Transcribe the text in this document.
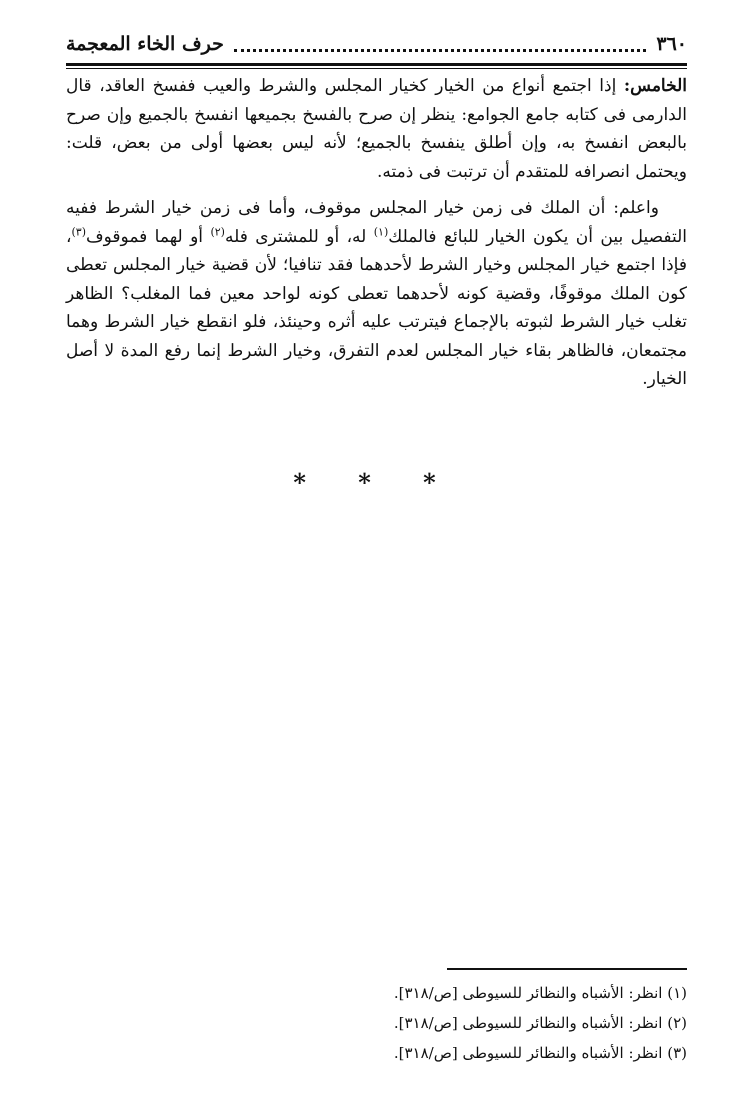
٣٦٠
حرف الخاء المعجمة

الخامس: إذا اجتمع أنواع من الخيار كخيار المجلس والشرط والعيب ففسخ العاقد، قال الدارمى فى كتابه جامع الجوامع: ينظر إن صرح بالفسخ بجميعها انفسخ بالجميع وإن صرح بالبعض انفسخ به، وإن أطلق ينفسخ بالجميع؛ لأنه ليس بعضها أولى من بعض، قلت: ويحتمل انصرافه للمتقدم أن ترتبت فى ذمته.

واعلم: أن الملك فى زمن خيار المجلس موقوف، وأما فى زمن خيار الشرط ففيه التفصيل بين أن يكون الخيار للبائع فالملك$^{(١)}$ له، أو للمشترى فله$^{(٢)}$ أو لهما فموقوف$^{(٣)}$، فإذا اجتمع خيار المجلس وخيار الشرط لأحدهما فقد تنافيا؛ لأن قضية خيار المجلس تعطى كون الملك موقوفًا، وقضية كونه لأحدهما تعطى كونه لواحد معين فما المغلب؟ الظاهر تغلب خيار الشرط لثبوته بالإجماع فيترتب عليه أثره وحينئذ، فلو انقطع خيار الشرط وهما مجتمعان، فالظاهر بقاء خيار المجلس لعدم التفرق، وخيار الشرط إنما رفع المدة لا أصل الخيار.

* * *
(١) انظر: الأشباه والنظائر للسيوطى [ص/٣١٨].
(٢) انظر: الأشباه والنظائر للسيوطى [ص/٣١٨].
(٣) انظر: الأشباه والنظائر للسيوطى [ص/٣١٨].
